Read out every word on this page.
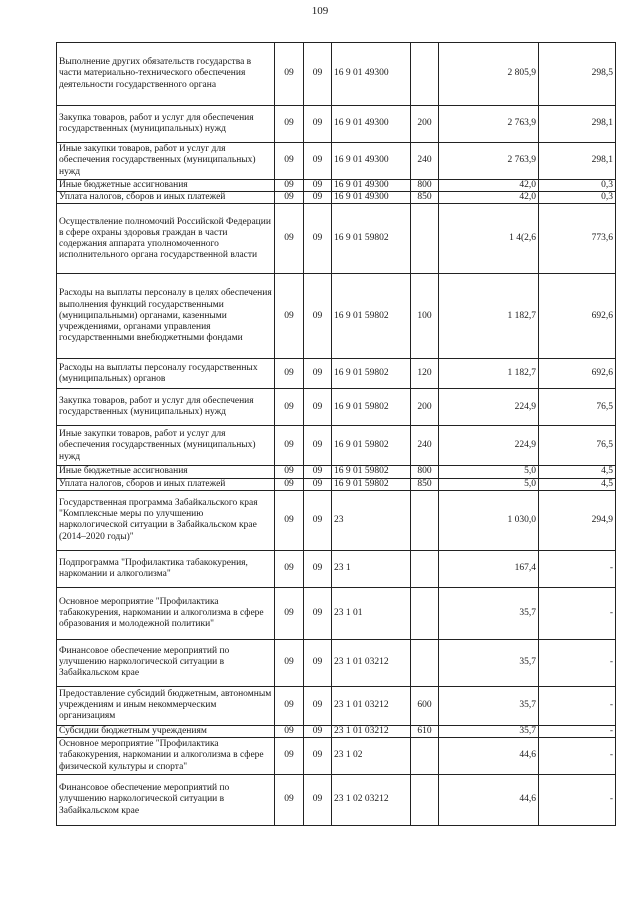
109
Выполнение других обязательств государства в части материально-технического обеспечения деятельности государственного органа	09	09	16 9 01 49300		2 805,9	298,5
Закупка товаров, работ и услуг для обеспечения государственных (муниципальных) нужд	09	09	16 9 01 49300	200	2 763,9	298,1
Иные закупки товаров, работ и услуг для обеспечения государственных (муниципальных) нужд	09	09	16 9 01 49300	240	2 763,9	298,1
Иные бюджетные ассигнования	09	09	16 9 01 49300	800	42,0	0,3
Уплата налогов, сборов и иных платежей	09	09	16 9 01 49300	850	42,0	0,3
Осуществление полномочий Российской Федерации в сфере охраны здоровья граждан в части содержания аппарата уполномоченного исполнительного органа государственной власти	09	09	16 9 01 59802		1 4(2,6	773,6
Расходы на выплаты персоналу в целях обеспечения выполнения функций государственными (муниципальными) органами, казенными учреждениями, органами управления государственными внебюджетными фондами	09	09	16 9 01 59802	100	1 182,7	692,6
Расходы на выплаты персоналу государственных (муниципальных) органов	09	09	16 9 01 59802	120	1 182,7	692,6
Закупка товаров, работ и услуг для обеспечения государственных (муниципальных) нужд	09	09	16 9 01 59802	200	224,9	76,5
Иные закупки товаров, работ и услуг для обеспечения государственных (муниципальных) нужд	09	09	16 9 01 59802	240	224,9	76,5
Иные бюджетные ассигнования	09	09	16 9 01 59802	800	5,0	4,5
Уплата налогов, сборов и иных платежей	09	09	16 9 01 59802	850	5,0	4,5
Государственная программа Забайкальского края "Комплексные меры по улучшению наркологической ситуации в Забайкальском крае (2014–2020 годы)"	09	09	23		1 030,0	294,9
Подпрограмма "Профилактика табакокурения, наркомании и алкоголизма"	09	09	23 1		167,4	-
Основное мероприятие "Профилактика табакокурения, наркомании и алкоголизма в сфере образования и молодежной политики"	09	09	23 1 01		35,7	-
Финансовое обеспечение мероприятий по улучшению наркологической ситуации в Забайкальском крае	09	09	23 1 01 03212		35,7	-
Предоставление субсидий бюджетным, автономным учреждениям и иным некоммерческим организациям	09	09	23 1 01 03212	600	35,7	-
Субсидии бюджетным учреждениям	09	09	23 1 01 03212	610	35,7	-
Основное мероприятие "Профилактика табакокурения, наркомании и алкоголизма в сфере физической культуры и спорта"	09	09	23 1 02		44,6	-
Финансовое обеспечение мероприятий по улучшению наркологической ситуации в Забайкальском крае	09	09	23 1 02 03212		44,6	-
